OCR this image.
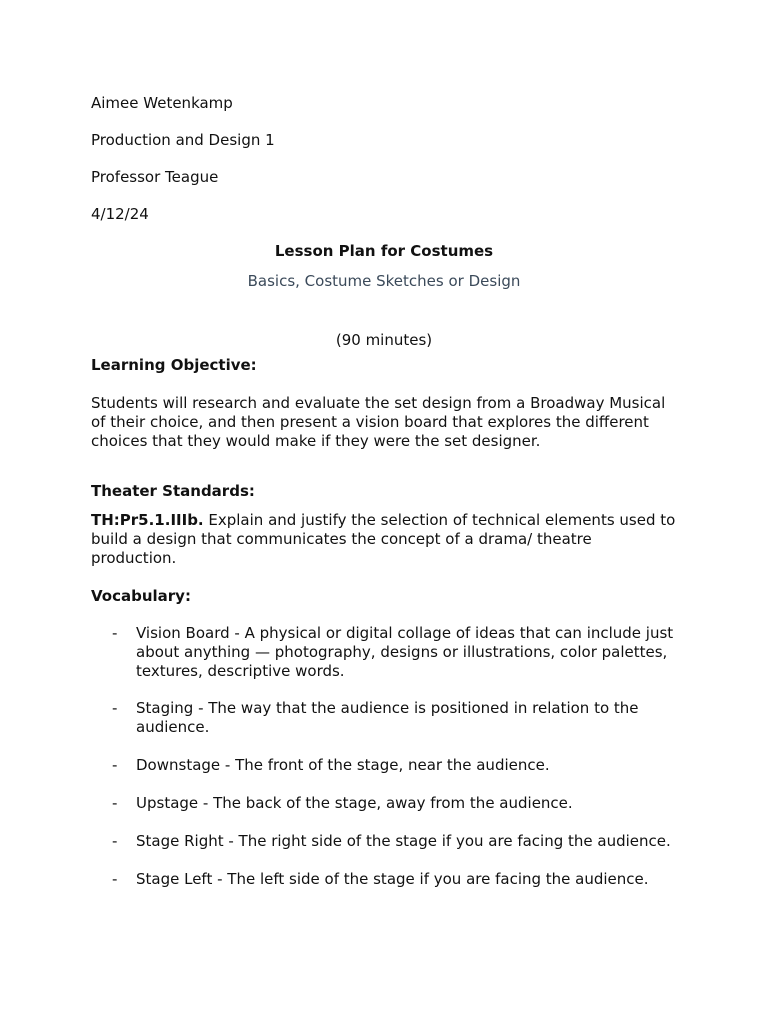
Aimee Wetenkamp
Production and Design 1
Professor Teague
4/12/24
Lesson Plan for Costumes
Basics, Costume Sketches or Design
(90 minutes)
Learning Objective:
Students will research and evaluate the set design from a Broadway Musical of their choice, and then present a vision board that explores the different choices that they would make if they were the set designer.
Theater Standards:
TH:Pr5.1.IIIb. Explain and justify the selection of technical elements used to build a design that communicates the concept of a drama/ theatre production.
Vocabulary:
- Vision Board - A physical or digital collage of ideas that can include just about anything — photography, designs or illustrations, color palettes, textures, descriptive words.
- Staging - The way that the audience is positioned in relation to the audience.
- Downstage - The front of the stage, near the audience.
- Upstage - The back of the stage, away from the audience.
- Stage Right - The right side of the stage if you are facing the audience.
- Stage Left - The left side of the stage if you are facing the audience.
